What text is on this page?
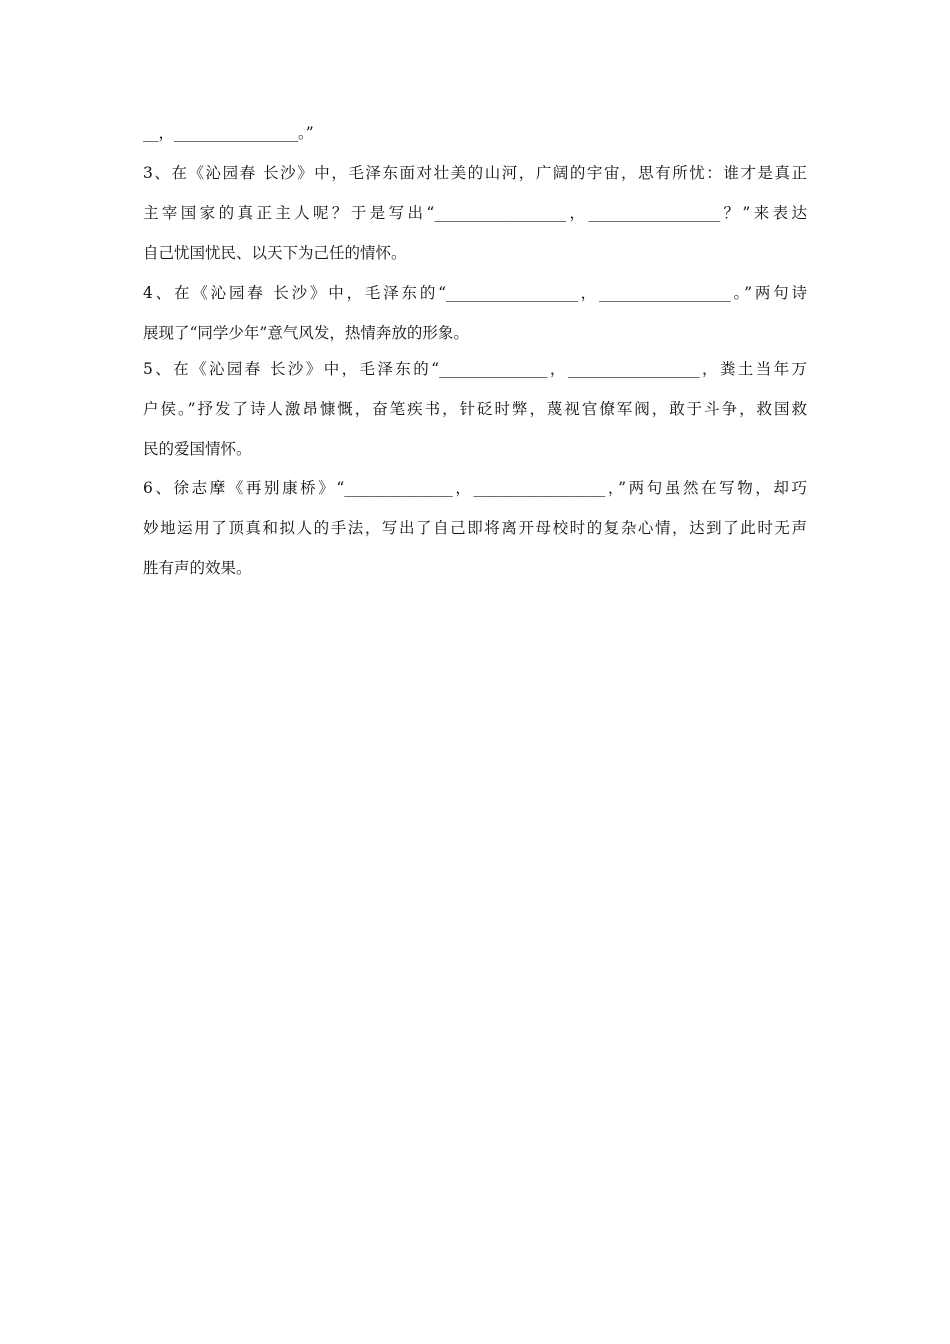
__，________________。”
3、在《沁园春 长沙》中，毛泽东面对壮美的山河，广阔的宇宙，思有所忧：谁才是真正
主宰国家的真正主人呢？于是写出“_________________，_________________？”来表达
自己忧国忧民、以天下为己任的情怀。
4、在《沁园春 长沙》中，毛泽东的“_________________，_________________。”两句诗
展现了“同学少年”意气风发，热情奔放的形象。
5、在《沁园春 长沙》中，毛泽东的“______________，_________________，粪土当年万
户侯。”抒发了诗人激昂慷慨，奋笔疾书，针砭时弊，蔑视官僚军阀，敢于斗争，救国救
民的爱国情怀。
6、徐志摩《再别康桥》“______________，_________________，”两句虽然在写物，却巧
妙地运用了顶真和拟人的手法，写出了自己即将离开母校时的复杂心情，达到了此时无声
胜有声的效果。
